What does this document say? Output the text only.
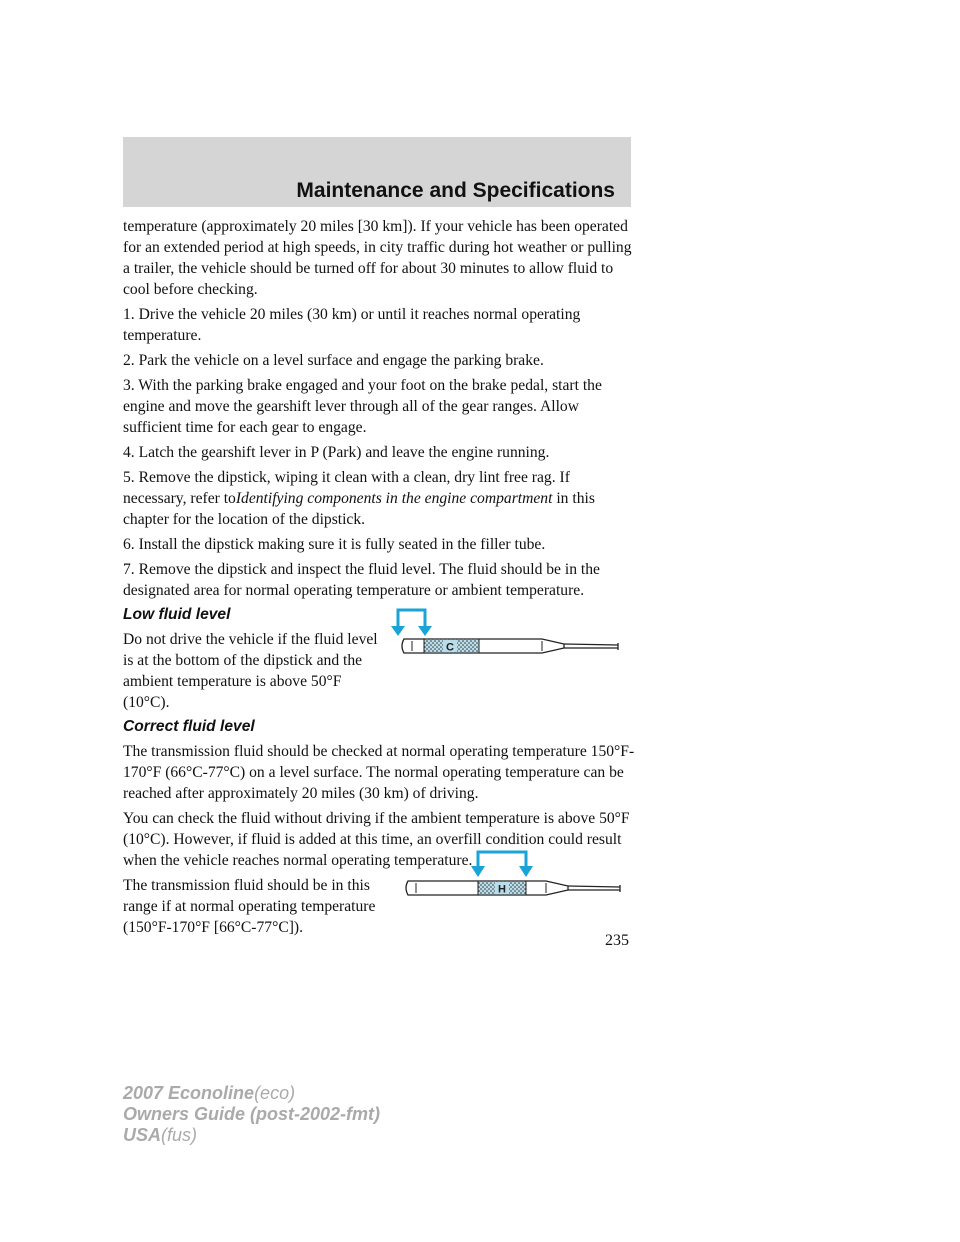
Maintenance and Specifications

temperature (approximately 20 miles [30 km]). If your vehicle has been operated for an extended period at high speeds, in city traffic during hot weather or pulling a trailer, the vehicle should be turned off for about 30 minutes to allow fluid to cool before checking.

1. Drive the vehicle 20 miles (30 km) or until it reaches normal operating temperature.

2. Park the vehicle on a level surface and engage the parking brake.

3. With the parking brake engaged and your foot on the brake pedal, start the engine and move the gearshift lever through all of the gear ranges. Allow sufficient time for each gear to engage.

4. Latch the gearshift lever in P (Park) and leave the engine running.

5. Remove the dipstick, wiping it clean with a clean, dry lint free rag. If necessary, refer toIdentifying components in the engine compartment in this chapter for the location of the dipstick.

6. Install the dipstick making sure it is fully seated in the filler tube.

7. Remove the dipstick and inspect the fluid level. The fluid should be in the designated area for normal operating temperature or ambient temperature.

Low fluid level

Do not drive the vehicle if the fluid level is at the bottom of the dipstick and the ambient temperature is above 50°F (10°C).

Correct fluid level

The transmission fluid should be checked at normal operating temperature 150°F-170°F (66°C-77°C) on a level surface. The normal operating temperature can be reached after approximately 20 miles (30 km) of driving.

You can check the fluid without driving if the ambient temperature is above 50°F (10°C). However, if fluid is added at this time, an overfill condition could result when the vehicle reaches normal operating temperature.

The transmission fluid should be in this range if at normal operating temperature (150°F-170°F [66°C-77°C]).

C
H
235
2007 Econoline(eco)
Owners Guide (post-2002-fmt)
USA(fus)
